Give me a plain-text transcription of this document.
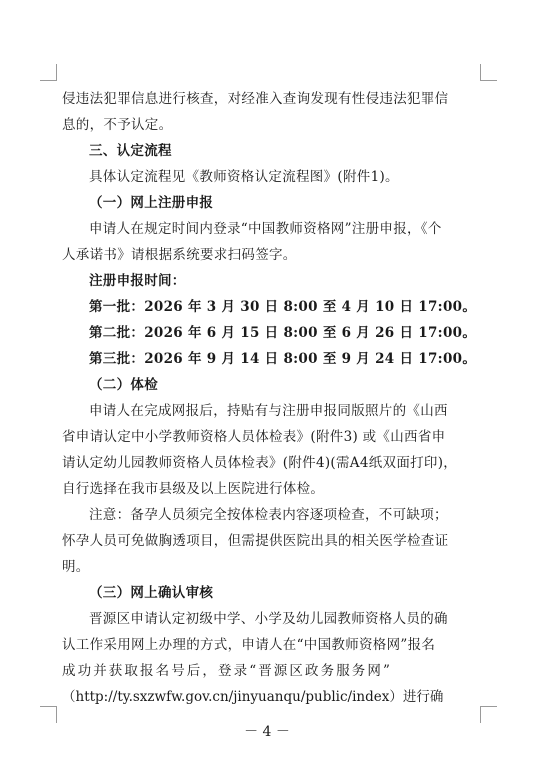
侵违法犯罪信息进行核查，对经准入查询发现有性侵违法犯罪信
息的，不予认定。
三、认定流程
具体认定流程见《教师资格认定流程图》(附件1)。
（一）网上注册申报
申请人在规定时间内登录“中国教师资格网”注册申报，《个
人承诺书》请根据系统要求扫码签字。
注册申报时间：
第一批：2026 年 3 月 30 日 8:00 至 4 月 10 日 17:00。
第二批：2026 年 6 月 15 日 8:00 至 6 月 26 日 17:00。
第三批：2026 年 9 月 14 日 8:00 至 9 月 24 日 17:00。
（二）体检
申请人在完成网报后，持贴有与注册申报同版照片的《山西
省申请认定中小学教师资格人员体检表》(附件3) 或《山西省申
请认定幼儿园教师资格人员体检表》(附件4)(需A4纸双面打印)，
自行选择在我市县级及以上医院进行体检。
注意：备孕人员须完全按体检表内容逐项检查，不可缺项；
怀孕人员可免做胸透项目，但需提供医院出具的相关医学检查证
明。
（三）网上确认审核
晋源区申请认定初级中学、小学及幼儿园教师资格人员的确
认工作采用网上办理的方式，申请人在“中国教师资格网”报名
成功并获取报名号后，登录“晋源区政务服务网”
（http://ty.sxzwfw.gov.cn/jinyuanqu/public/index）进行确
－ 4 －
